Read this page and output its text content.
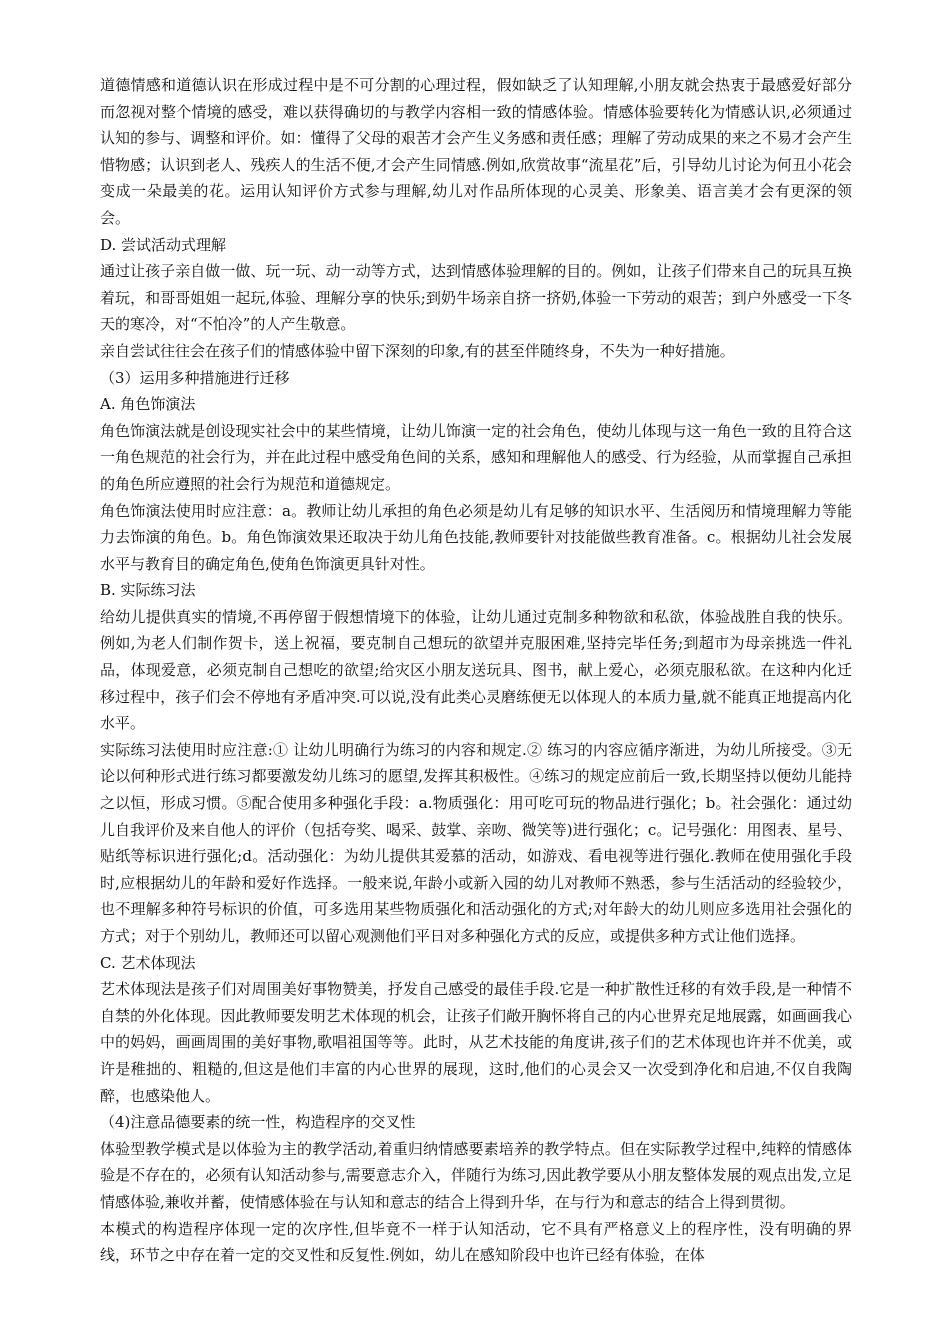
道德情感和道德认识在形成过程中是不可分割的心理过程，假如缺乏了认知理解,小朋友就会热衷于最感爱好部分而忽视对整个情境的感受，难以获得确切的与教学内容相一致的情感体验。情感体验要转化为情感认识,必须通过认知的参与、调整和评价。如：懂得了父母的艰苦才会产生义务感和责任感；理解了劳动成果的来之不易才会产生惜物感；认识到老人、残疾人的生活不便,才会产生同情感.例如,欣赏故事“流星花”后，引导幼儿讨论为何丑小花会变成一朵最美的花。运用认知评价方式参与理解,幼儿对作品所体现的心灵美、形象美、语言美才会有更深的领会。

D. 尝试活动式理解

通过让孩子亲自做一做、玩一玩、动一动等方式，达到情感体验理解的目的。例如，让孩子们带来自己的玩具互换着玩，和哥哥姐姐一起玩,体验、理解分享的快乐;到奶牛场亲自挤一挤奶,体验一下劳动的艰苦；到户外感受一下冬天的寒冷，对“不怕冷”的人产生敬意。

亲自尝试往往会在孩子们的情感体验中留下深刻的印象,有的甚至伴随终身，不失为一种好措施。

（3）运用多种措施进行迁移

A. 角色饰演法

角色饰演法就是创设现实社会中的某些情境，让幼儿饰演一定的社会角色，使幼儿体现与这一角色一致的且符合这一角色规范的社会行为，并在此过程中感受角色间的关系，感知和理解他人的感受、行为经验，从而掌握自己承担的角色所应遵照的社会行为规范和道德规定。

角色饰演法使用时应注意：a。教师让幼儿承担的角色必须是幼儿有足够的知识水平、生活阅历和情境理解力等能力去饰演的角色。b。角色饰演效果还取决于幼儿角色技能,教师要针对技能做些教育准备。c。根据幼儿社会发展水平与教育目的确定角色,使角色饰演更具针对性。

B. 实际练习法

给幼儿提供真实的情境,不再停留于假想情境下的体验，让幼儿通过克制多种物欲和私欲，体验战胜自我的快乐。例如,为老人们制作贺卡，送上祝福，要克制自己想玩的欲望并克服困难,坚持完毕任务;到超市为母亲挑选一件礼品，体现爱意，必须克制自己想吃的欲望;给灾区小朋友送玩具、图书，献上爱心，必须克服私欲。在这种内化迁移过程中，孩子们会不停地有矛盾冲突.可以说,没有此类心灵磨练便无以体现人的本质力量,就不能真正地提高内化水平。

实际练习法使用时应注意:① 让幼儿明确行为练习的内容和规定.② 练习的内容应循序渐进，为幼儿所接受。③无论以何种形式进行练习都要激发幼儿练习的愿望,发挥其积极性。④练习的规定应前后一致,长期坚持以便幼儿能持之以恒，形成习惯。⑤配合使用多种强化手段：a.物质强化：用可吃可玩的物品进行强化；b。社会强化：通过幼儿自我评价及来自他人的评价（包括夸奖、喝采、鼓掌、亲吻、微笑等)进行强化；c。记号强化：用图表、星号、贴纸等标识进行强化;d。活动强化：为幼儿提供其爱慕的活动，如游戏、看电视等进行强化.教师在使用强化手段时,应根据幼儿的年龄和爱好作选择。一般来说,年龄小或新入园的幼儿对教师不熟悉，参与生活活动的经验较少，也不理解多种符号标识的价值，可多选用某些物质强化和活动强化的方式;对年龄大的幼儿则应多选用社会强化的方式；对于个别幼儿，教师还可以留心观测他们平日对多种强化方式的反应，或提供多种方式让他们选择。

C. 艺术体现法

艺术体现法是孩子们对周围美好事物赞美，抒发自己感受的最佳手段.它是一种扩散性迁移的有效手段,是一种情不自禁的外化体现。因此教师要发明艺术体现的机会，让孩子们敞开胸怀将自己的内心世界充足地展露，如画画我心中的妈妈，画画周围的美好事物,歌唱祖国等等。此时，从艺术技能的角度讲,孩子们的艺术体现也许并不优美，或许是稚拙的、粗糙的,但这是他们丰富的内心世界的展现，这时,他们的心灵会又一次受到净化和启迪,不仅自我陶醉，也感染他人。

（4)注意品德要素的统一性，构造程序的交叉性

体验型教学模式是以体验为主的教学活动,着重归纳情感要素培养的教学特点。但在实际教学过程中,纯粹的情感体验是不存在的，必须有认知活动参与,需要意志介入，伴随行为练习,因此教学要从小朋友整体发展的观点出发,立足情感体验,兼收并蓄，使情感体验在与认知和意志的结合上得到升华，在与行为和意志的结合上得到贯彻。

本模式的构造程序体现一定的次序性,但毕竟不一样于认知活动，它不具有严格意义上的程序性，没有明确的界线，环节之中存在着一定的交叉性和反复性.例如，幼儿在感知阶段中也许已经有体验，在体
